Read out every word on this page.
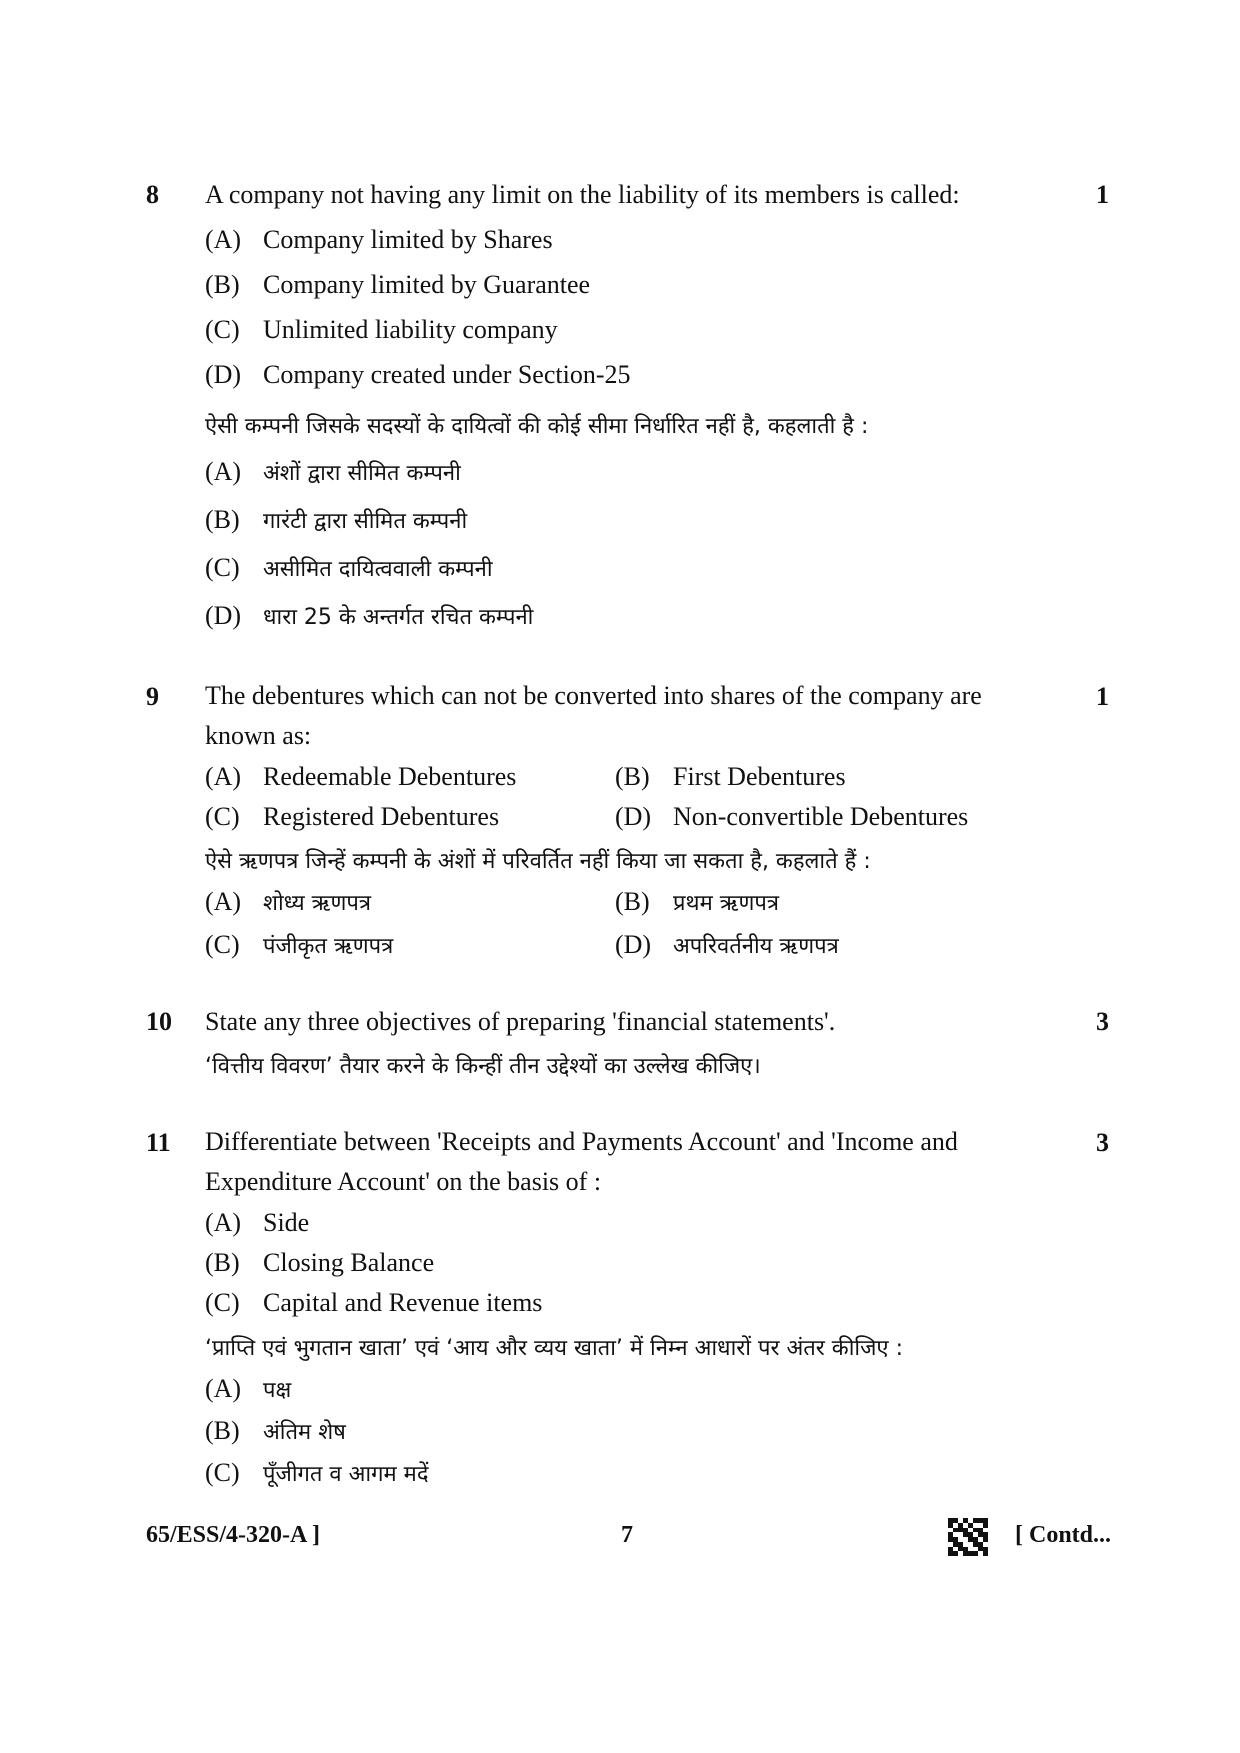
8	1
A company not having any limit on the liability of its members is called:
(A) Company limited by Shares
(B) Company limited by Guarantee
(C) Unlimited liability company
(D) Company created under Section-25
ऐसी कम्पनी जिसके सदस्यों के दायित्वों की कोई सीमा निर्धारित नहीं है, कहलाती है :
(A) अंशों द्वारा सीमित कम्पनी
(B) गारंटी द्वारा सीमित कम्पनी
(C) असीमित दायित्ववाली कम्पनी
(D) धारा 25 के अन्तर्गत रचित कम्पनी
9	1
The debentures which can not be converted into shares of the company are known as:
(A) Redeemable Debentures	(B) First Debentures
(C) Registered Debentures	(D) Non-convertible Debentures
ऐसे ऋणपत्र जिन्हें कम्पनी के अंशों में परिवर्तित नहीं किया जा सकता है, कहलाते हैं :
(A) शोध्य ऋणपत्र	(B) प्रथम ऋणपत्र
(C) पंजीकृत ऋणपत्र	(D) अपरिवर्तनीय ऋणपत्र
10	3
State any three objectives of preparing 'financial statements'.
‘वित्तीय विवरण’ तैयार करने के किन्हीं तीन उद्देश्यों का उल्लेख कीजिए।
11	3
Differentiate between 'Receipts and Payments Account' and 'Income and Expenditure Account' on the basis of :
(A) Side
(B) Closing Balance
(C) Capital and Revenue items
‘प्राप्ति एवं भुगतान खाता’ एवं ‘आय और व्यय खाता’ में निम्न आधारों पर अंतर कीजिए :
(A) पक्ष
(B) अंतिम शेष
(C) पूँजीगत व आगम मदें
65/ESS/4-320-A ]	7	[ Contd...
